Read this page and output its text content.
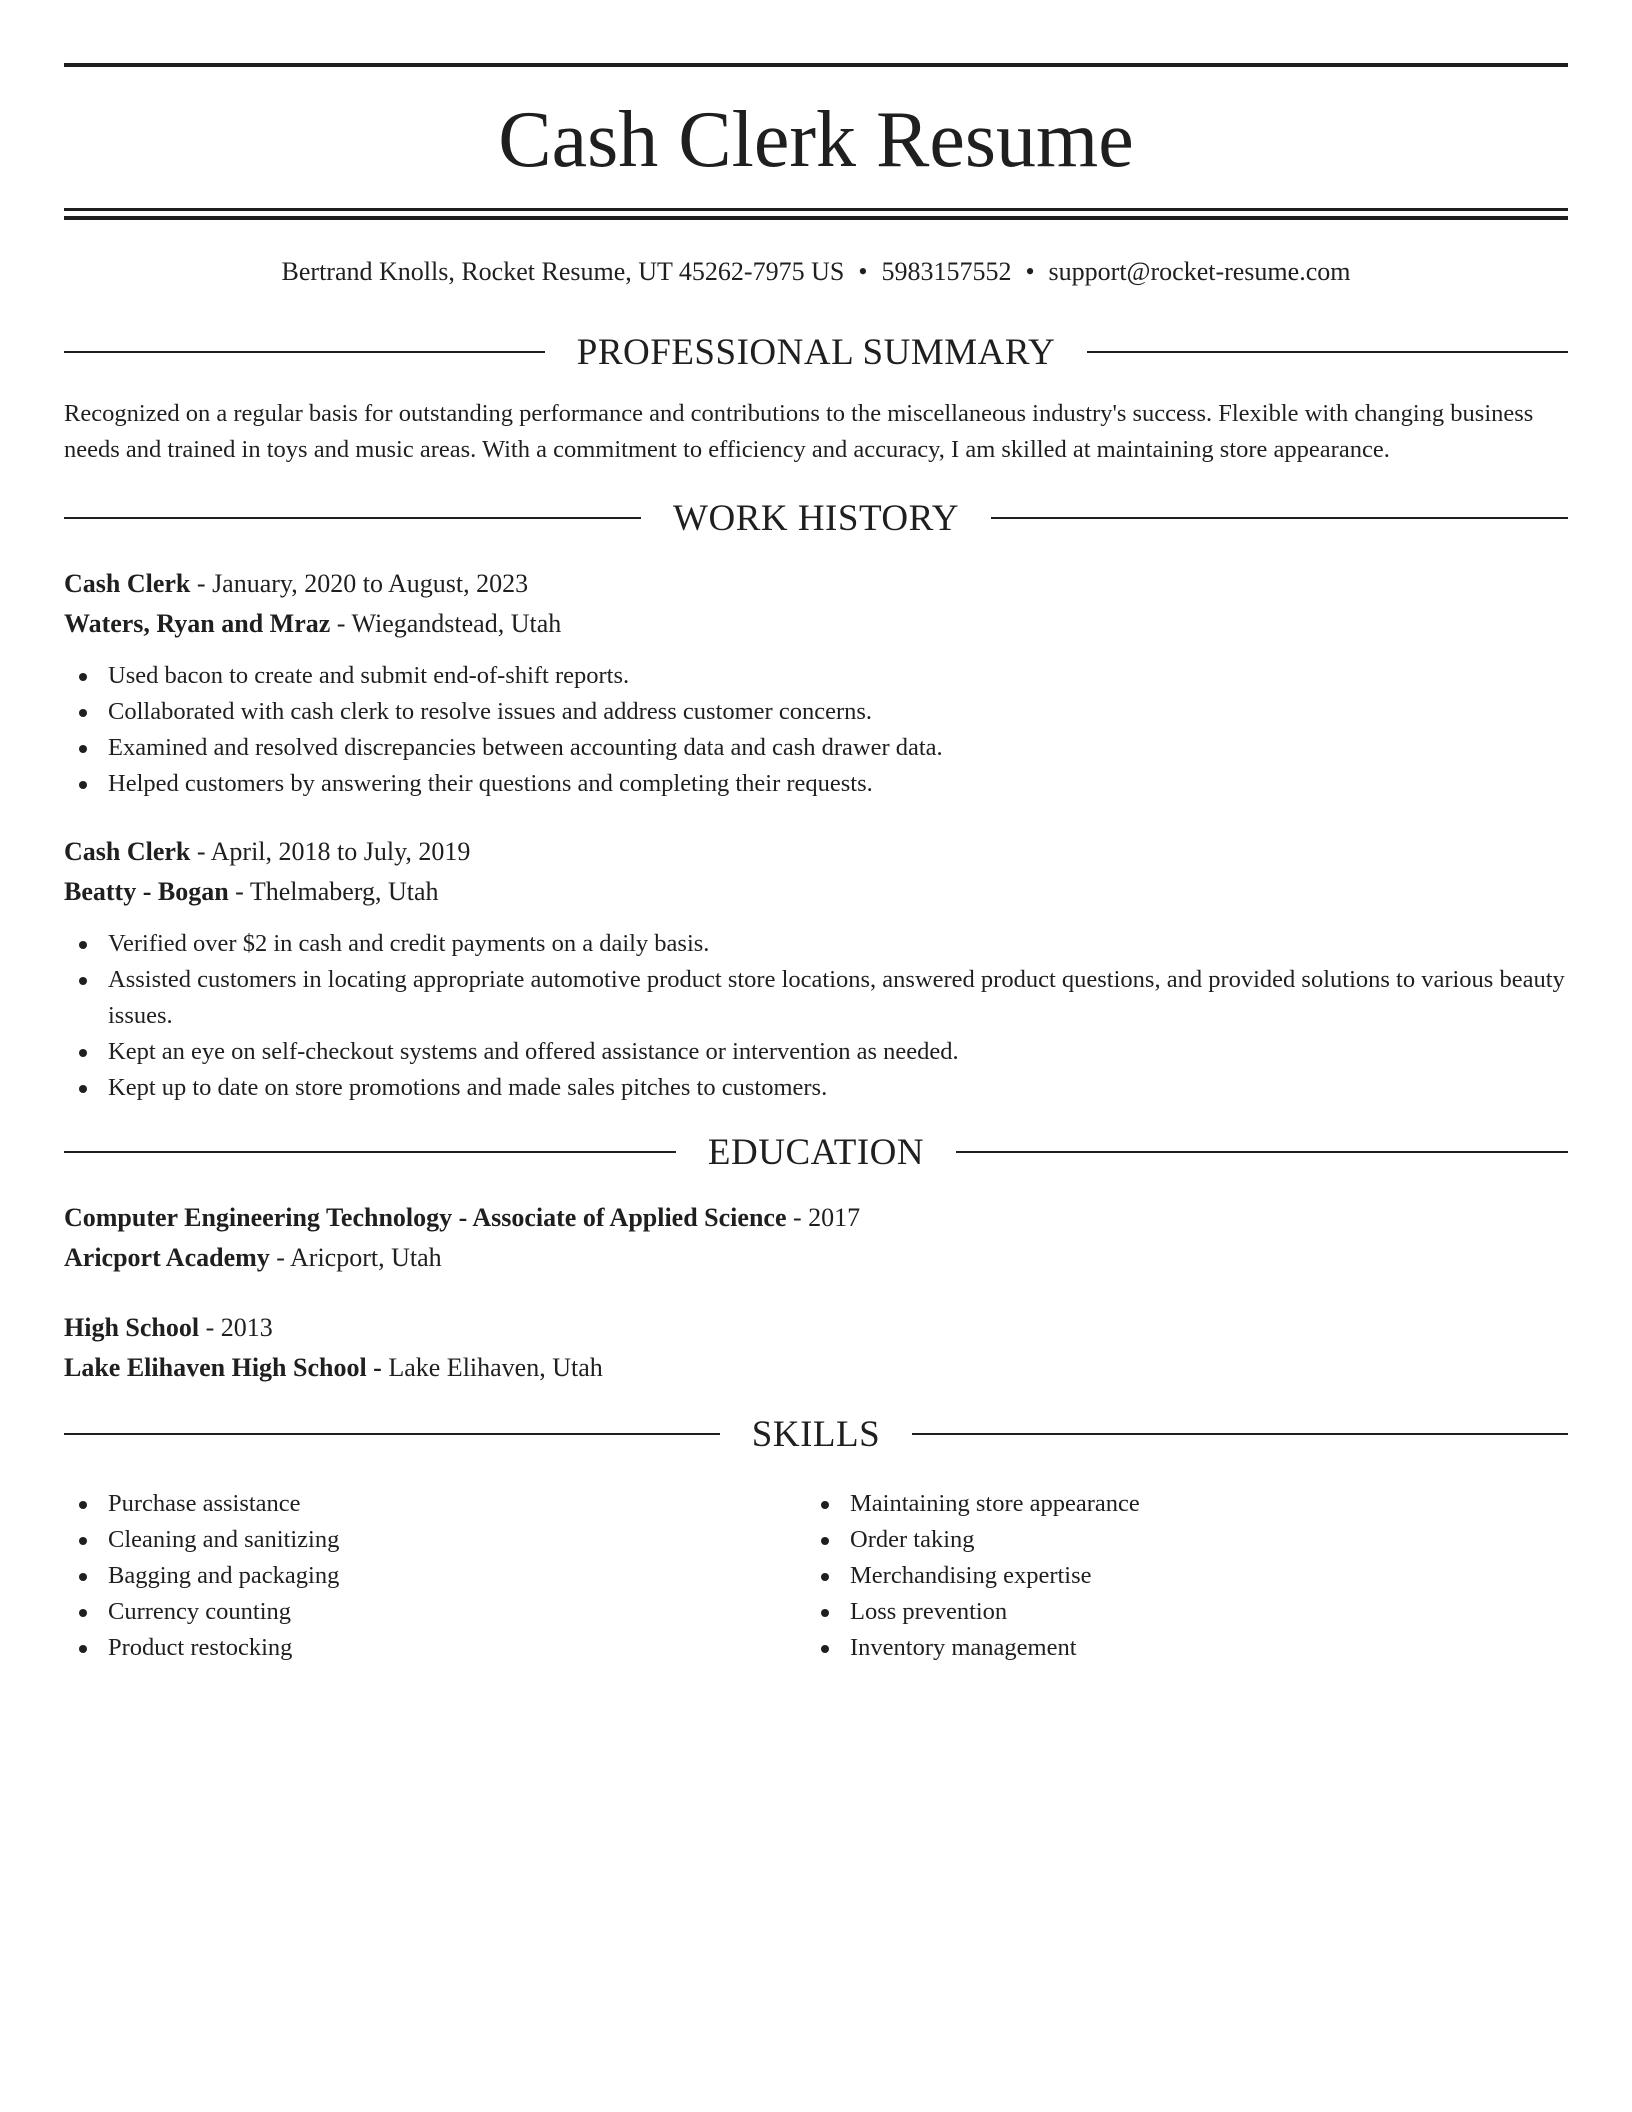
Cash Clerk Resume
Bertrand Knolls, Rocket Resume, UT 45262-7975 US • 5983157552 • support@rocket-resume.com
PROFESSIONAL SUMMARY

Recognized on a regular basis for outstanding performance and contributions to the miscellaneous industry's success. Flexible with changing business needs and trained in toys and music areas. With a commitment to efficiency and accuracy, I am skilled at maintaining store appearance.

WORK HISTORY
Cash Clerk - January, 2020 to August, 2023
Waters, Ryan and Mraz - Wiegandstead, Utah
Used bacon to create and submit end-of-shift reports.
Collaborated with cash clerk to resolve issues and address customer concerns.
Examined and resolved discrepancies between accounting data and cash drawer data.
Helped customers by answering their questions and completing their requests.
Cash Clerk - April, 2018 to July, 2019
Beatty - Bogan - Thelmaberg, Utah
Verified over $2 in cash and credit payments on a daily basis.
Assisted customers in locating appropriate automotive product store locations, answered product questions, and provided solutions to various beauty issues.
Kept an eye on self-checkout systems and offered assistance or intervention as needed.
Kept up to date on store promotions and made sales pitches to customers.
EDUCATION
Computer Engineering Technology - Associate of Applied Science - 2017
Aricport Academy - Aricport, Utah
High School - 2013
Lake Elihaven High School - Lake Elihaven, Utah
SKILLS
Purchase assistance
Cleaning and sanitizing
Bagging and packaging
Currency counting
Product restocking
Maintaining store appearance
Order taking
Merchandising expertise
Loss prevention
Inventory management
